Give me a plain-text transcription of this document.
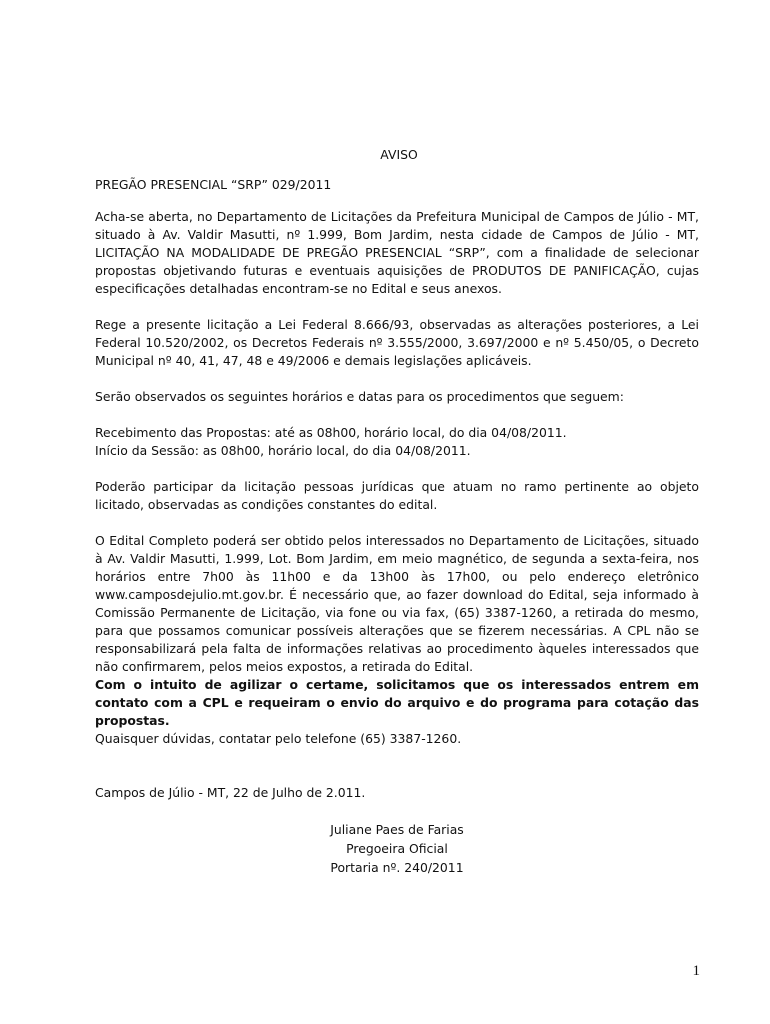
AVISO
PREGÃO PRESENCIAL “SRP” 029/2011

Acha-se aberta, no Departamento de Licitações da Prefeitura Municipal de Campos de Júlio - MT, situado à Av. Valdir Masutti, nº 1.999, Bom Jardim, nesta cidade de Campos de Júlio - MT, LICITAÇÃO NA MODALIDADE DE PREGÃO PRESENCIAL “SRP”, com a finalidade de selecionar propostas objetivando futuras e eventuais aquisições de PRODUTOS DE PANIFICAÇÃO, cujas especificações detalhadas encontram-se no Edital e seus anexos.

Rege a presente licitação a Lei Federal 8.666/93, observadas as alterações posteriores, a Lei Federal 10.520/2002, os Decretos Federais nº 3.555/2000, 3.697/2000 e nº 5.450/05, o Decreto Municipal nº 40, 41, 47, 48 e 49/2006 e demais legislações aplicáveis.

Serão observados os seguintes horários e datas para os procedimentos que seguem:

Recebimento das Propostas: até as 08h00, horário local, do dia 04/08/2011.

Início da Sessão: as 08h00, horário local, do dia 04/08/2011.

Poderão participar da licitação pessoas jurídicas que atuam no ramo pertinente ao objeto licitado, observadas as condições constantes do edital.

O Edital Completo poderá ser obtido pelos interessados no Departamento de Licitações, situado à Av. Valdir Masutti, 1.999, Lot. Bom Jardim, em meio magnético, de segunda a sexta-feira, nos horários entre 7h00 às 11h00 e da 13h00 às 17h00, ou pelo endereço eletrônico www.camposdejulio.mt.gov.br. É necessário que, ao fazer download do Edital, seja informado à Comissão Permanente de Licitação, via fone ou via fax, (65) 3387-1260, a retirada do mesmo, para que possamos comunicar possíveis alterações que se fizerem necessárias. A CPL não se responsabilizará pela falta de informações relativas ao procedimento àqueles interessados que não confirmarem, pelos meios expostos, a retirada do Edital.

Com o intuito de agilizar o certame, solicitamos que os interessados entrem em contato com a CPL e requeiram o envio do arquivo e do programa para cotação das propostas.

Quaisquer dúvidas, contatar pelo telefone (65) 3387-1260.

Campos de Júlio - MT, 22 de Julho de 2.011.

Juliane Paes de Farias
Pregoeira Oficial
Portaria nº. 240/2011
1
